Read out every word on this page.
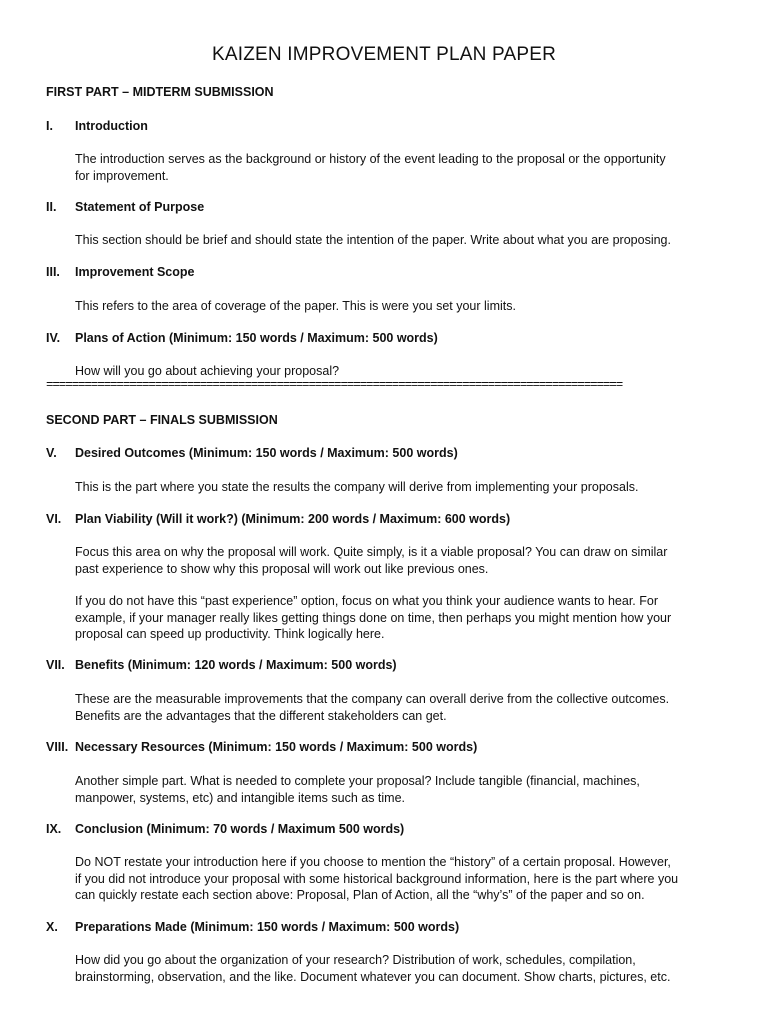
KAIZEN IMPROVEMENT PLAN PAPER
FIRST PART – MIDTERM SUBMISSION
I. Introduction
The introduction serves as the background or history of the event leading to the proposal or the opportunity
for improvement.
II. Statement of Purpose
This section should be brief and should state the intention of the paper. Write about what you are proposing.
III. Improvement Scope
This refers to the area of coverage of the paper. This is were you set your limits.
IV. Plans of Action (Minimum: 150 words / Maximum: 500 words)
How will you go about achieving your proposal?
==========================================================================================
SECOND PART – FINALS SUBMISSION
V. Desired Outcomes (Minimum: 150 words / Maximum: 500 words)
This is the part where you state the results the company will derive from implementing your proposals.
VI. Plan Viability (Will it work?) (Minimum: 200 words / Maximum: 600 words)
Focus this area on why the proposal will work. Quite simply, is it a viable proposal? You can draw on similar
past experience to show why this proposal will work out like previous ones.
If you do not have this “past experience” option, focus on what you think your audience wants to hear. For
example, if your manager really likes getting things done on time, then perhaps you might mention how your
proposal can speed up productivity. Think logically here.
VII. Benefits (Minimum: 120 words / Maximum: 500 words)
These are the measurable improvements that the company can overall derive from the collective outcomes.
Benefits are the advantages that the different stakeholders can get.
VIII. Necessary Resources (Minimum: 150 words / Maximum: 500 words)
Another simple part. What is needed to complete your proposal? Include tangible (financial, machines,
manpower, systems, etc) and intangible items such as time.
IX. Conclusion (Minimum: 70 words / Maximum 500 words)
Do NOT restate your introduction here if you choose to mention the “history” of a certain proposal. However,
if you did not introduce your proposal with some historical background information, here is the part where you
can quickly restate each section above: Proposal, Plan of Action, all the “why’s” of the paper and so on.
X. Preparations Made (Minimum: 150 words / Maximum: 500 words)
How did you go about the organization of your research? Distribution of work, schedules, compilation,
brainstorming, observation, and the like. Document whatever you can document. Show charts, pictures, etc.
